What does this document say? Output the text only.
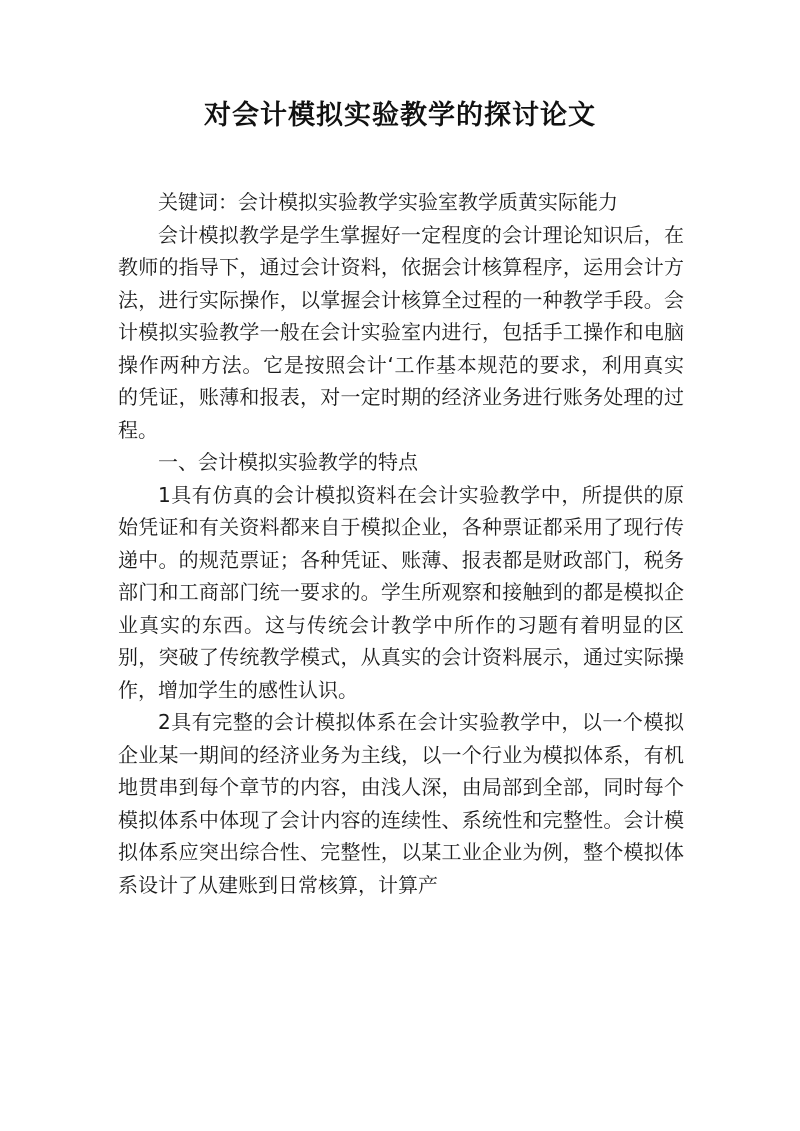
对会计模拟实验教学的探讨论文

关键词：会计模拟实验教学实验室教学质黄实际能力

会计模拟教学是学生掌握好一定程度的会计理论知识后，在教师的指导下，通过会计资料，依据会计核算程序，运用会计方法，进行实际操作，以掌握会计核算全过程的一种教学手段。会计模拟实验教学一般在会计实验室内进行，包括手工操作和电脑操作两种方法。它是按照会计‘工作基本规范的要求，利用真实的凭证，账薄和报表，对一定时期的经济业务进行账务处理的过程。

一、会计模拟实验教学的特点

1具有仿真的会计模拟资料在会计实验教学中，所提供的原始凭证和有关资料都来自于模拟企业，各种票证都采用了现行传递中。的规范票证；各种凭证、账薄、报表都是财政部门，税务部门和工商部门统一要求的。学生所观察和接触到的都是模拟企业真实的东西。这与传统会计教学中所作的习题有着明显的区别，突破了传统教学模式，从真实的会计资料展示，通过实际操作，增加学生的感性认识。

2具有完整的会计模拟体系在会计实验教学中，以一个模拟企业某一期间的经济业务为主线，以一个行业为模拟体系，有机地贯串到每个章节的内容，由浅人深，由局部到全部，同时每个模拟体系中体现了会计内容的连续性、系统性和完整性。会计模拟体系应突出综合性、完整性，以某工业企业为例，整个模拟体系设计了从建账到日常核算，计算产
